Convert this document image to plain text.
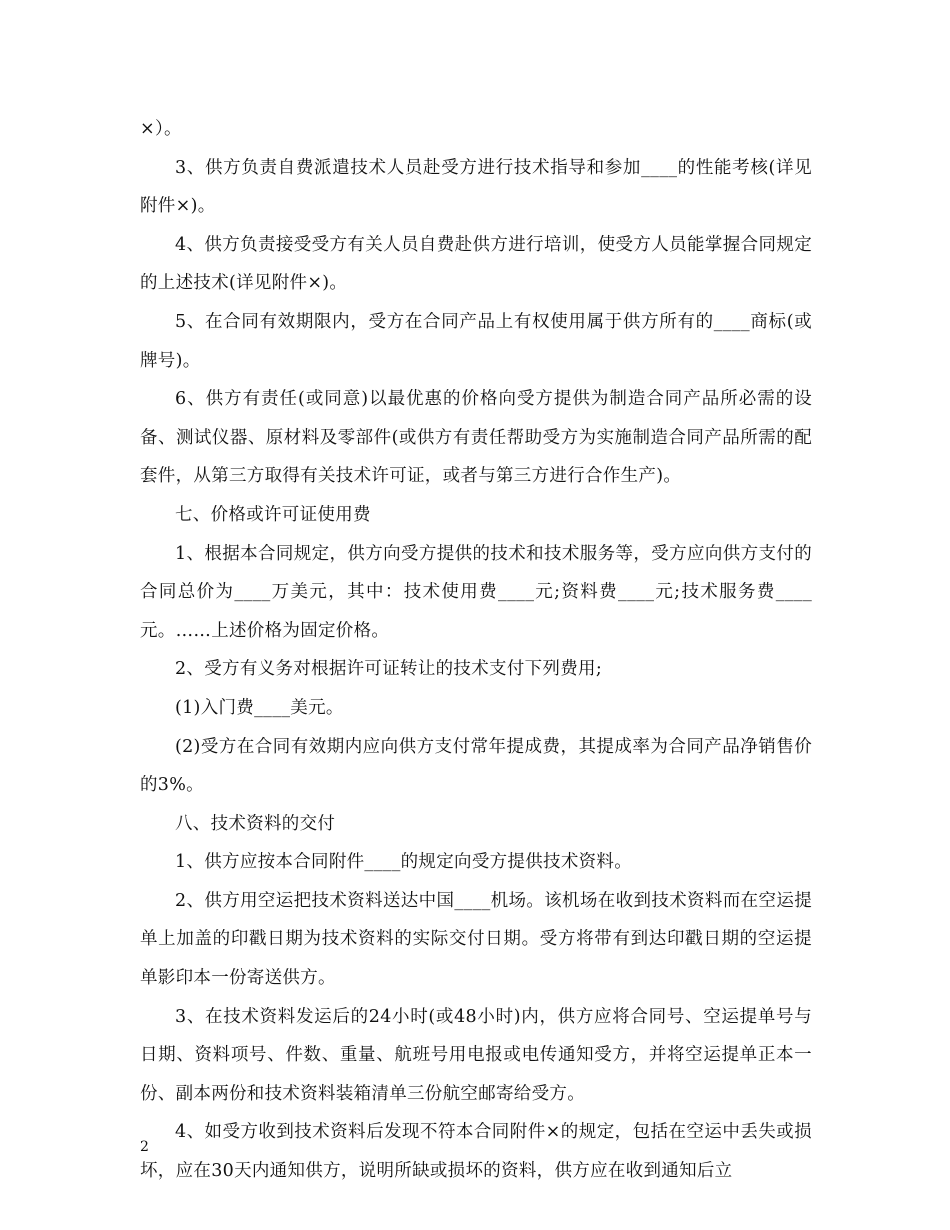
×）。

3、供方负责自费派遣技术人员赴受方进行技术指导和参加____的性能考核(详见附件×)。

4、供方负责接受受方有关人员自费赴供方进行培训，使受方人员能掌握合同规定的上述技术(详见附件×)。

5、在合同有效期限内，受方在合同产品上有权使用属于供方所有的____商标(或牌号)。

6、供方有责任(或同意)以最优惠的价格向受方提供为制造合同产品所必需的设备、测试仪器、原材料及零部件(或供方有责任帮助受方为实施制造合同产品所需的配套件，从第三方取得有关技术许可证，或者与第三方进行合作生产)。

七、价格或许可证使用费

1、根据本合同规定，供方向受方提供的技术和技术服务等，受方应向供方支付的合同总价为____万美元，其中：技术使用费____元;资料费____元;技术服务费____元。……上述价格为固定价格。

2、受方有义务对根据许可证转让的技术支付下列费用;

(1)入门费____美元。

(2)受方在合同有效期内应向供方支付常年提成费，其提成率为合同产品净销售价的3%。

八、技术资料的交付

1、供方应按本合同附件____的规定向受方提供技术资料。

2、供方用空运把技术资料送达中国____机场。该机场在收到技术资料而在空运提单上加盖的印戳日期为技术资料的实际交付日期。受方将带有到达印戳日期的空运提单影印本一份寄送供方。

3、在技术资料发运后的24小时(或48小时)内，供方应将合同号、空运提单号与日期、资料项号、件数、重量、航班号用电报或电传通知受方，并将空运提单正本一份、副本两份和技术资料装箱清单三份航空邮寄给受方。

4、如受方收到技术资料后发现不符本合同附件×的规定，包括在空运中丢失或损坏，应在30天内通知供方，说明所缺或损坏的资料，供方应在收到通知后立

2
